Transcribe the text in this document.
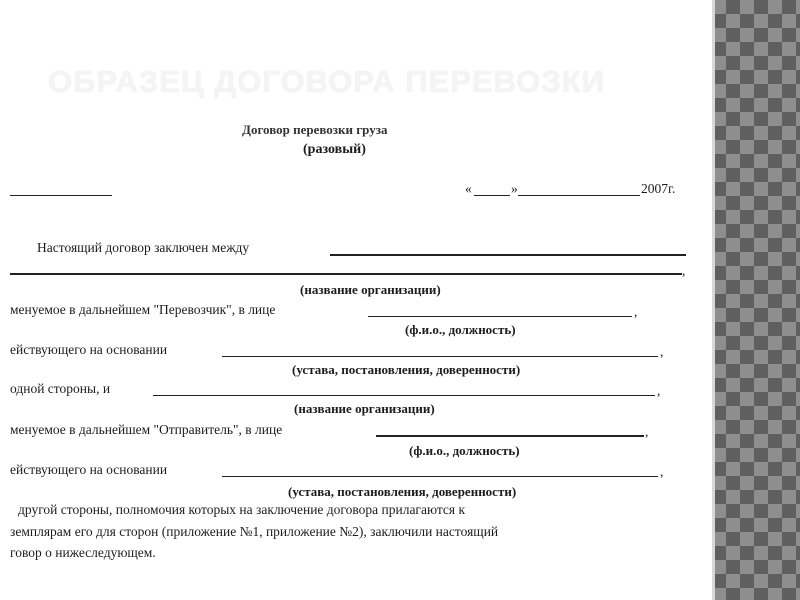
ОБРАЗЕЦ ДОГОВОРА ПЕРЕВОЗКИ
Договор перевозки груза
(разовый)
«	»	2007г.
Настоящий договор заключен между
,
(название организации)
менуемое в дальнейшем "Перевозчик", в лице	,
(ф.и.о., должность)
ействующего на основании	,
(устава, постановления, доверенности)
одной стороны, и	,
(название организации)
менуемое в дальнейшем "Отправитель", в лице	,
(ф.и.о., должность)
ействующего на основании	,
(устава, постановления, доверенности)
другой стороны, полномочия которых на заключение договора прилагаются к
земплярам его для сторон (приложение №1, приложение №2), заключили настоящий
говор о нижеследующем.
